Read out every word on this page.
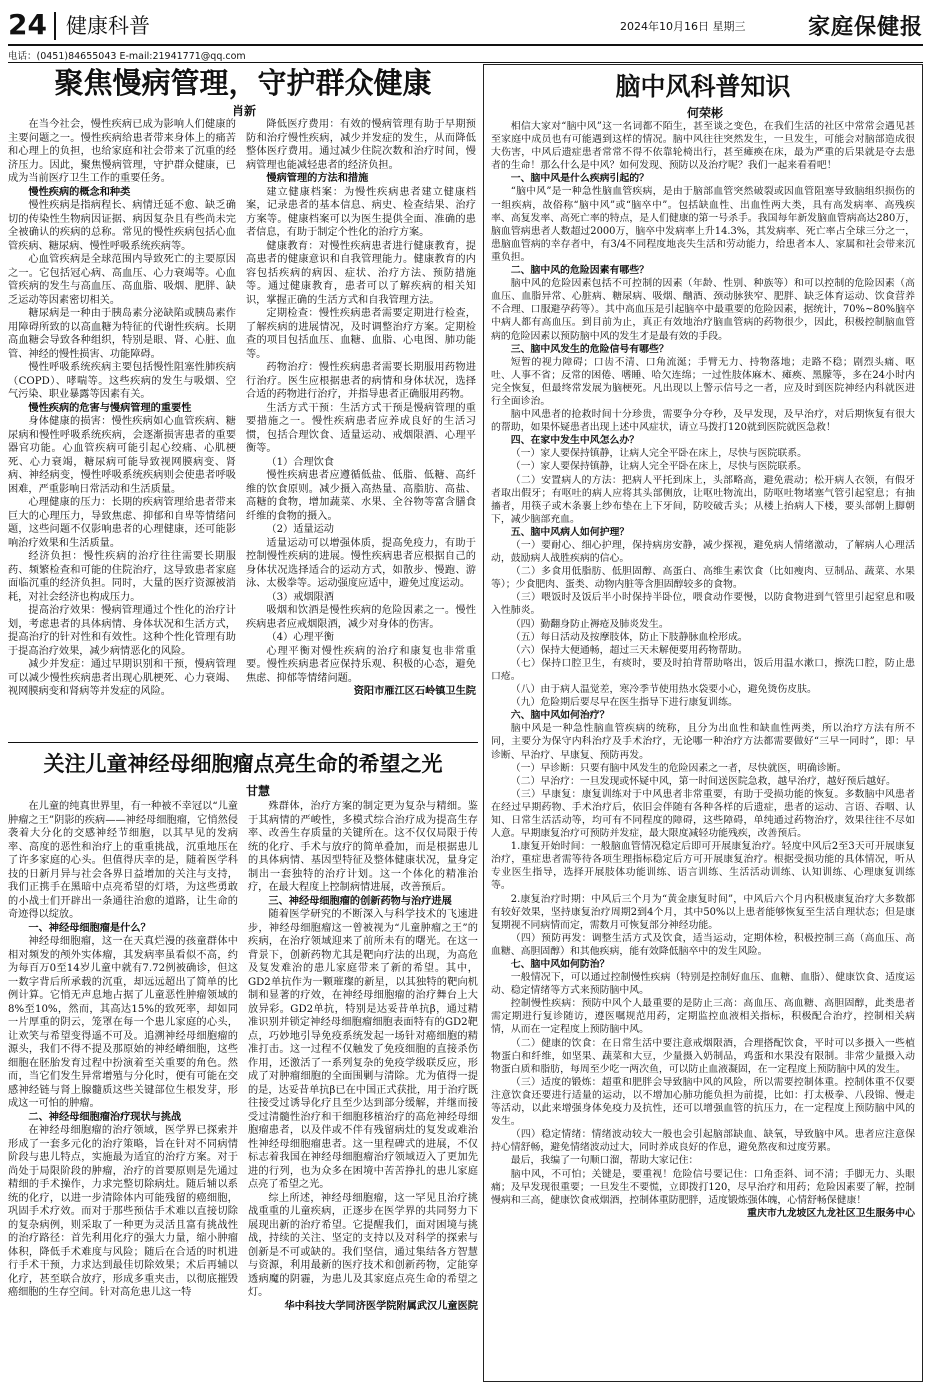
24 健康科普	2024年10月16日 星期三	家庭保健报
电话：(0451)84655043 E-mail:21941771@qq.com
聚焦慢病管理，守护群众健康
肖新

在当今社会，慢性疾病已成为影响人们健康的主要问题之一。慢性疾病给患者带来身体上的痛苦和心理上的负担，也给家庭和社会带来了沉重的经济压力。因此，聚焦慢病管理，守护群众健康，已成为当前医疗卫生工作的重要任务。

慢性疾病的概念和种类

慢性疾病是指病程长、病情迁延不愈、缺乏确切的传染性生物病因证据、病因复杂且有些尚未完全被确认的疾病的总称。常见的慢性疾病包括心血管疾病、糖尿病、慢性呼吸系统疾病等。

心血管疾病是全球范围内导致死亡的主要原因之一。它包括冠心病、高血压、心力衰竭等。心血管疾病的发生与高血压、高血脂、吸烟、肥胖、缺乏运动等因素密切相关。

糖尿病是一种由于胰岛素分泌缺陷或胰岛素作用障碍所致的以高血糖为特征的代谢性疾病。长期高血糖会导致各种组织，特别是眼、肾、心脏、血管、神经的慢性损害、功能障碍。

慢性呼吸系统疾病主要包括慢性阻塞性肺疾病（COPD）、哮喘等。这些疾病的发生与吸烟、空气污染、职业暴露等因素有关。

慢性疾病的危害与慢病管理的重要性

身体健康的损害：慢性疾病如心血管疾病、糖尿病和慢性呼吸系统疾病，会逐渐损害患者的重要器官功能。心血管疾病可能引起心绞痛、心肌梗死、心力衰竭，糖尿病可能导致视网膜病变、肾病、神经病变，慢性呼吸系统疾病则会使患者呼吸困难，严重影响日常活动和生活质量。

心理健康的压力：长期的疾病管理给患者带来巨大的心理压力，导致焦虑、抑郁和自卑等情绪问题，这些问题不仅影响患者的心理健康，还可能影响治疗效果和生活质量。

经济负担：慢性疾病的治疗往往需要长期服药、频繁检查和可能的住院治疗，这导致患者家庭面临沉重的经济负担。同时，大量的医疗资源被消耗，对社会经济也构成压力。

提高治疗效果：慢病管理通过个性化的治疗计划，考虑患者的具体病情、身体状况和生活方式，提高治疗的针对性和有效性。这种个性化管理有助于提高治疗效果，减少病情恶化的风险。

减少并发症：通过早期识别和干预，慢病管理可以减少慢性疾病患者出现心肌梗死、心力衰竭、视网膜病变和肾病等并发症的风险。

降低医疗费用：有效的慢病管理有助于早期预防和治疗慢性疾病，减少并发症的发生，从而降低整体医疗费用。通过减少住院次数和治疗时间，慢病管理也能减轻患者的经济负担。

慢病管理的方法和措施

建立健康档案：为慢性疾病患者建立健康档案，记录患者的基本信息、病史、检查结果、治疗方案等。健康档案可以为医生提供全面、准确的患者信息，有助于制定个性化的治疗方案。

健康教育：对慢性疾病患者进行健康教育，提高患者的健康意识和自我管理能力。健康教育的内容包括疾病的病因、症状、治疗方法、预防措施等。通过健康教育，患者可以了解疾病的相关知识，掌握正确的生活方式和自我管理方法。

定期检查：慢性疾病患者需要定期进行检查，了解疾病的进展情况，及时调整治疗方案。定期检查的项目包括血压、血糖、血脂、心电图、肺功能等。

药物治疗：慢性疾病患者需要长期服用药物进行治疗。医生应根据患者的病情和身体状况，选择合适的药物进行治疗，并指导患者正确服用药物。

生活方式干预：生活方式干预是慢病管理的重要措施之一。慢性疾病患者应养成良好的生活习惯，包括合理饮食、适量运动、戒烟限酒、心理平衡等。

（1）合理饮食

慢性疾病患者应遵循低盐、低脂、低糖、高纤维的饮食原则。减少摄入高热量、高脂肪、高盐、高糖的食物，增加蔬菜、水果、全谷物等富含膳食纤维的食物的摄入。

（2）适量运动

适量运动可以增强体质，提高免疫力，有助于控制慢性疾病的进展。慢性疾病患者应根据自己的身体状况选择适合的运动方式，如散步、慢跑、游泳、太极拳等。运动强度应适中，避免过度运动。

（3）戒烟限酒

吸烟和饮酒是慢性疾病的危险因素之一。慢性疾病患者应戒烟限酒，减少对身体的伤害。

（4）心理平衡

心理平衡对慢性疾病的治疗和康复也非常重要。慢性疾病患者应保持乐观、积极的心态，避免焦虑、抑郁等情绪问题。

资阳市雁江区石岭镇卫生院

关注儿童神经母细胞瘤点亮生命的希望之光
甘慧

在儿童的纯真世界里，有一种被不幸冠以“儿童肿瘤之王”阴影的疾病——神经母细胞瘤，它悄然侵袭着大分化的交感神经节细胞，以其早见的发病率、高度的恶性和治疗上的重重挑战，沉重地压在了许多家庭的心头。但值得庆幸的是，随着医学科技的日新月异与社会各界日益增加的关注与支持，我们正携手在黑暗中点亮希望的灯塔，为这些勇敢的小战士们开辟出一条通往治愈的道路，让生命的奇迹得以绽放。

一、神经母细胞瘤是什么？

神经母细胞瘤，这一在天真烂漫的孩童群体中相对频发的颅外实体瘤，其发病率虽看似不高，约为每百万0至14岁儿童中就有7.72例被确诊，但这一数字背后所承载的沉重，却远远超出了简单的比例计算。它悄无声息地占据了儿童恶性肿瘤领域的8%至10%，然而，其高达15%的致死率，却如同一片厚重的阴云，笼罩在每一个患儿家庭的心头，让欢笑与希望变得遥不可及。追溯神经母细胞瘤的源头，我们不得不提及那原始的神经嵴细胞，这些细胞在胚胎发育过程中扮演着至关重要的角色。然而，当它们发生异常增殖与分化时，便有可能在交感神经链与肾上腺髓质这些关键部位生根发芽，形成这一可怕的肿瘤。

二、神经母细胞瘤治疗现状与挑战

在神经母细胞瘤的治疗领域，医学界已探索并形成了一套多元化的治疗策略，旨在针对不同病情阶段与患儿特点，实施最为适宜的治疗方案。对于尚处于局限阶段的肿瘤，治疗的首要原则是先通过精细的手术操作，力求完整切除病灶。随后辅以系统的化疗，以进一步清除体内可能残留的癌细胞，巩固手术疗效。而对于那些预估手术难以直接切除的复杂病例，则采取了一种更为灵活且富有挑战性的治疗路径：首先利用化疗的强大力量，缩小肿瘤体积，降低手术难度与风险；随后在合适的时机进行手术干预，力求达到最佳切除效果；术后再辅以化疗，甚至联合放疗，形成多重夹击，以彻底摧毁癌细胞的生存空间。针对高危患儿这一特

殊群体，治疗方案的制定更为复杂与精细。鉴于其病情的严峻性，多模式综合治疗成为提高生存率、改善生存质量的关键所在。这不仅仅局限于传统的化疗、手术与放疗的简单叠加，而是根据患儿的具体病情、基因型特征及整体健康状况，量身定制出一套独特的治疗计划。这一个体化的精准治疗，在最大程度上控制病情进展，改善预后。

三、神经母细胞瘤的创新药物与治疗进展

随着医学研究的不断深入与科学技术的飞速进步，神经母细胞瘤这一曾被视为“儿童肿瘤之王”的疾病，在治疗领域迎来了前所未有的曙光。在这一背景下，创新药物尤其是靶向疗法的出现，为高危及复发难治的患儿家庭带来了新的希望。其中，GD2单抗作为一颗璀璨的新星，以其独特的靶向机制和显著的疗效，在神经母细胞瘤的治疗舞台上大放异彩。GD2单抗，特别是达妥昔单抗β，通过精准识别并锁定神经母细胞瘤细胞表面特有的GD2靶点，巧妙地引导免疫系统发起一场针对癌细胞的精准打击。这一过程不仅触发了免疫细胞的直接杀伤作用，还激活了一系列复杂的免疫学级联反应，形成了对肿瘤细胞的全面围剿与清除。尤为值得一提的是，达妥昔单抗β已在中国正式获批，用于治疗既往接受过诱导化疗且至少达到部分缓解，并继而接受过清髓性治疗和干细胞移植治疗的高危神经母细胞瘤患者，以及伴或不伴有残留病灶的复发或难治性神经母细胞瘤患者。这一里程碑式的进展，不仅标志着我国在神经母细胞瘤治疗领域迈入了更加先进的行列，也为众多在困境中苦苦挣扎的患儿家庭点亮了希望之光。

综上所述，神经母细胞瘤，这一罕见且治疗挑战重重的儿童疾病，正逐步在医学界的共同努力下展现出新的治疗希望。它提醒我们，面对困境与挑战，持续的关注、坚定的支持以及对科学的探索与创新是不可或缺的。我们坚信，通过集结各方智慧与资源，利用最新的医疗技术和创新药物，定能穿透病魔的阴霾，为患儿及其家庭点亮生命的希望之灯。

华中科技大学同济医学院附属武汉儿童医院

脑中风科普知识
何荣彬

相信大家对“脑中风”这一名词都不陌生，甚至谈之变色，在我们生活的社区中常常会遇见甚至家庭中成员也有可能遇到这样的情况。脑中风往往突然发生，一旦发生，可能会对脑部造成很大伤害，中风后遗症患者常常不得不依靠轮椅出行，甚至瘫痪在床，最为严重的后果就是夺去患者的生命！那么什么是中风？如何发现、预防以及治疗呢？我们一起来看看吧！

一、脑中风是什么疾病引起的？

“脑中风”是一种急性脑血管疾病，是由于脑部血管突然破裂或因血管阻塞导致脑组织损伤的一组疾病，故俗称“脑中风”或“脑卒中”。包括缺血性、出血性两大类，具有高发病率、高残疾率、高复发率、高死亡率的特点，是人们健康的第一号杀手。我国每年新发脑血管病高达280万，脑血管病患者人数超过2000万，脑卒中发病率上升14.3%，其发病率、死亡率占全球三分之一，患脑血管病的幸存者中，有3/4不同程度地丧失生活和劳动能力，给患者本人、家属和社会带来沉重负担。

二、脑中风的危险因素有哪些？

脑中风的危险因素包括不可控制的因素（年龄、性别、种族等）和可以控制的危险因素（高血压、血脂异常、心脏病、糖尿病、吸烟、酗酒、颈动脉狭窄、肥胖、缺乏体育运动、饮食营养不合理、口服避孕药等）。其中高血压是引起脑卒中最重要的危险因素，据统计，70%~80%脑卒中病人都有高血压。到目前为止，真正有效地治疗脑血管病的药物很少，因此，积极控制脑血管病的危险因素以预防脑中风的发生才是最有效的手段。

三、脑中风发生的危险信号有哪些？

短暂的视力障碍；口齿不清、口角流涎；手臂无力、持物落地；走路不稳；剧烈头痛、呕吐、人事不省；反常的困倦、嗜睡、哈欠连绵；一过性肢体麻木、瘫痪、黑朦等，多在24小时内完全恢复，但最终常发展为脑梗死。凡出现以上警示信号之一者，应及时到医院神经内科就医进行全面诊治。

脑中风患者的抢救时间十分珍贵，需要争分夺秒，及早发现，及早治疗，对后期恢复有很大的帮助，如果怀疑患者出现上述中风症状，请立马拨打120就到医院就医急救！

四、在家中发生中风怎么办？

（一）家人要保持镇静，让病人完全平卧在床上，尽快与医院联系。

（一）家人要保持镇静，让病人完全平卧在床上，尽快与医院联系。

（二）安置病人的方法：把病人平托到床上，头部略高，避免震动；松开病人衣领，有假牙者取出假牙；有呕吐的病人应将其头部侧放，让呕吐物流出，防呕吐物堵塞气管引起窒息；有抽搐者，用筷子或木条裹上纱布垫在上下牙间，防咬破舌头；从楼上抬病人下楼，要头部朝上脚朝下，减少脑部充血。

五、脑中风病人如何护理？

（一）要耐心、细心护理，保持病房安静，减少探视，避免病人情绪激动，了解病人心理活动，鼓励病人战胜疾病的信心。

（二）多食用低脂肪、低胆固醇、高蛋白、高维生素饮食（比如瘦肉、豆制品、蔬菜、水果等）；少食肥肉、蛋类、动物内脏等含胆固醇较多的食物。

（三）喂饭时及饭后半小时保持半卧位，喂食动作要慢，以防食物进到气管里引起窒息和吸入性肺炎。

（四）勤翻身防止褥疮及肺炎发生。

（五）每日活动及按摩肢体，防止下肢静脉血栓形成。

（六）保持大便通畅，超过三天未解便要用药物帮助。

（七）保持口腔卫生，有痰时，要及时拍背帮助咯出，饭后用温水漱口，擦洗口腔，防止患口疮。

（八）由于病人温觉差，寒冷季节使用热水袋要小心，避免烫伤皮肤。

（九）危险期后要尽早在医生指导下进行康复训练。

六、脑中风如何治疗？

脑中风是一种急性脑血管疾病的统称，且分为出血性和缺血性两类，所以治疗方法有所不同，主要分为保守内科治疗及手术治疗，无论哪一种治疗方法都需要做好“三早一同时”，即：早诊断、早治疗、早康复、预防再发。

（一）早诊断：只要有脑中风发生的危险因素之一者，尽快就医，明确诊断。

（二）早治疗：一旦发现或怀疑中风，第一时间送医院急救，越早治疗，越好预后越好。

（三）早康复：康复训练对于中风患者非常重要，有助于受损功能的恢复。多数脑中风患者在经过早期药物、手术治疗后，依旧会伴随有各种各样的后遗症，患者的运动、言语、吞咽、认知、日常生活活动等，均可有不同程度的障碍，这些障碍，单纯通过药物治疗，效果往往不尽如人意。早期康复治疗可预防并发症，最大限度减轻功能残疾，改善预后。

1.康复开始时间：一般脑血管情况稳定后即可开展康复治疗。轻度中风后2至3天可开展康复治疗，重症患者需等待各项生理指标稳定后方可开展康复治疗。根据受损功能的具体情况，听从专业医生指导，选择开展肢体功能训练、语言训练、生活活动训练、认知训练、心理康复训练等。

2.康复治疗时期：中风后三个月为“黄金康复时间”，中风后六个月内积极康复治疗大多数都有较好效果，坚持康复治疗周期2到4个月，其中50%以上患者能够恢复至生活自理状态；但是康复期视不同病情而定，需数月可恢复部分神经功能。

（四）预防再发：调整生活方式及饮食，适当运动，定期体检，积极控制三高（高血压、高血糖、高胆固醇）和其他疾病，能有效降低脑卒中的发生风险。

七、脑中风如何防治？

一般情况下，可以通过控制慢性疾病（特别是控制好血压、血糖、血脂）、健康饮食、适度运动、稳定情绪等方式来预防脑中风。

控制慢性疾病：预防中风个人最重要的是防止三高：高血压、高血糖、高胆固醇，此类患者需定期进行复诊随访，遵医嘱规范用药，定期监控血液相关指标，积极配合治疗，控制相关病情，从而在一定程度上预防脑中风。

（二）健康的饮食：在日常生活中要注意戒烟限酒，合理搭配饮食，平时可以多摄入一些植物蛋白和纤维，如坚果、蔬菜和大豆，少量摄入奶制品，鸡蛋和水果没有限制。非常少量摄入动物蛋白质和脂肪，每周至少吃一两次鱼，可以防止血液凝固，在一定程度上预防脑中风的发生。

（三）适度的锻炼：超重和肥胖会导致脑中风的风险，所以需要控制体重。控制体重不仅要注意饮食还要进行适量的运动，以不增加心肺功能负担为前提，比如：打太极拳、八段锦、慢走等活动，以此来增强身体免疫力及抗性，还可以增强血管的抗压力，在一定程度上预防脑中风的发生。

（四）稳定情绪：情绪波动较大一般也会引起脑部缺血、缺氧，导致脑中风。患者应注意保持心情舒畅，避免情绪波动过大，同时养成良好的作息，避免熬夜和过度劳累。

最后，我编了一句顺口溜，帮助大家记住：

脑中风，不可怕；关键是，要重视！危险信号要记住：口角歪斜、词不清；手脚无力、头眼痛；及早发现很重要；一旦发生不要慌，立即拨打120，尽早治疗和用药；危险因素要了解，控制慢病和三高，健康饮食戒烟酒，控制体重防肥胖，适度锻炼强体魄，心情舒畅保健康！

重庆市九龙坡区九龙社区卫生服务中心
